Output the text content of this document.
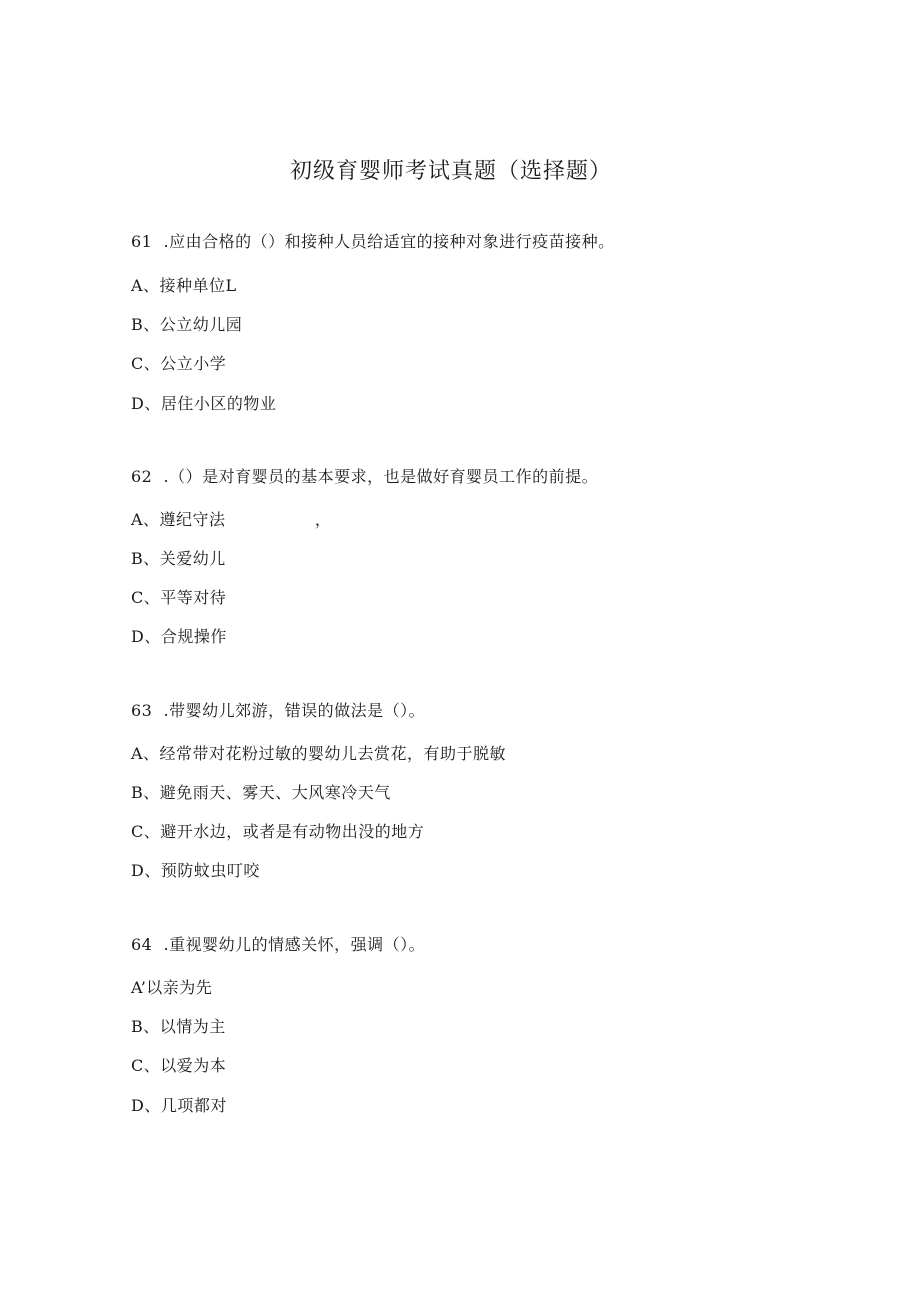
初级育婴师考试真题（选择题）

61  .应由合格的（）和接种人员给适宜的接种对象进行疫苗接种。

A、接种单位L

B、公立幼儿园

C、公立小学

D、居住小区的物业

62  .（）是对育婴员的基本要求，也是做好育婴员工作的前提。

A、遵纪守法                ，

B、关爱幼儿

C、平等对待

D、合规操作

63  .带婴幼儿郊游，错误的做法是（）。

A、经常带对花粉过敏的婴幼儿去赏花，有助于脱敏

B、避免雨天、雾天、大风寒冷天气

C、避开水边，或者是有动物出没的地方

D、预防蚊虫叮咬

64  .重视婴幼儿的情感关怀，强调（）。

A’以亲为先

B、以情为主

C、以爱为本

D、几项都对
